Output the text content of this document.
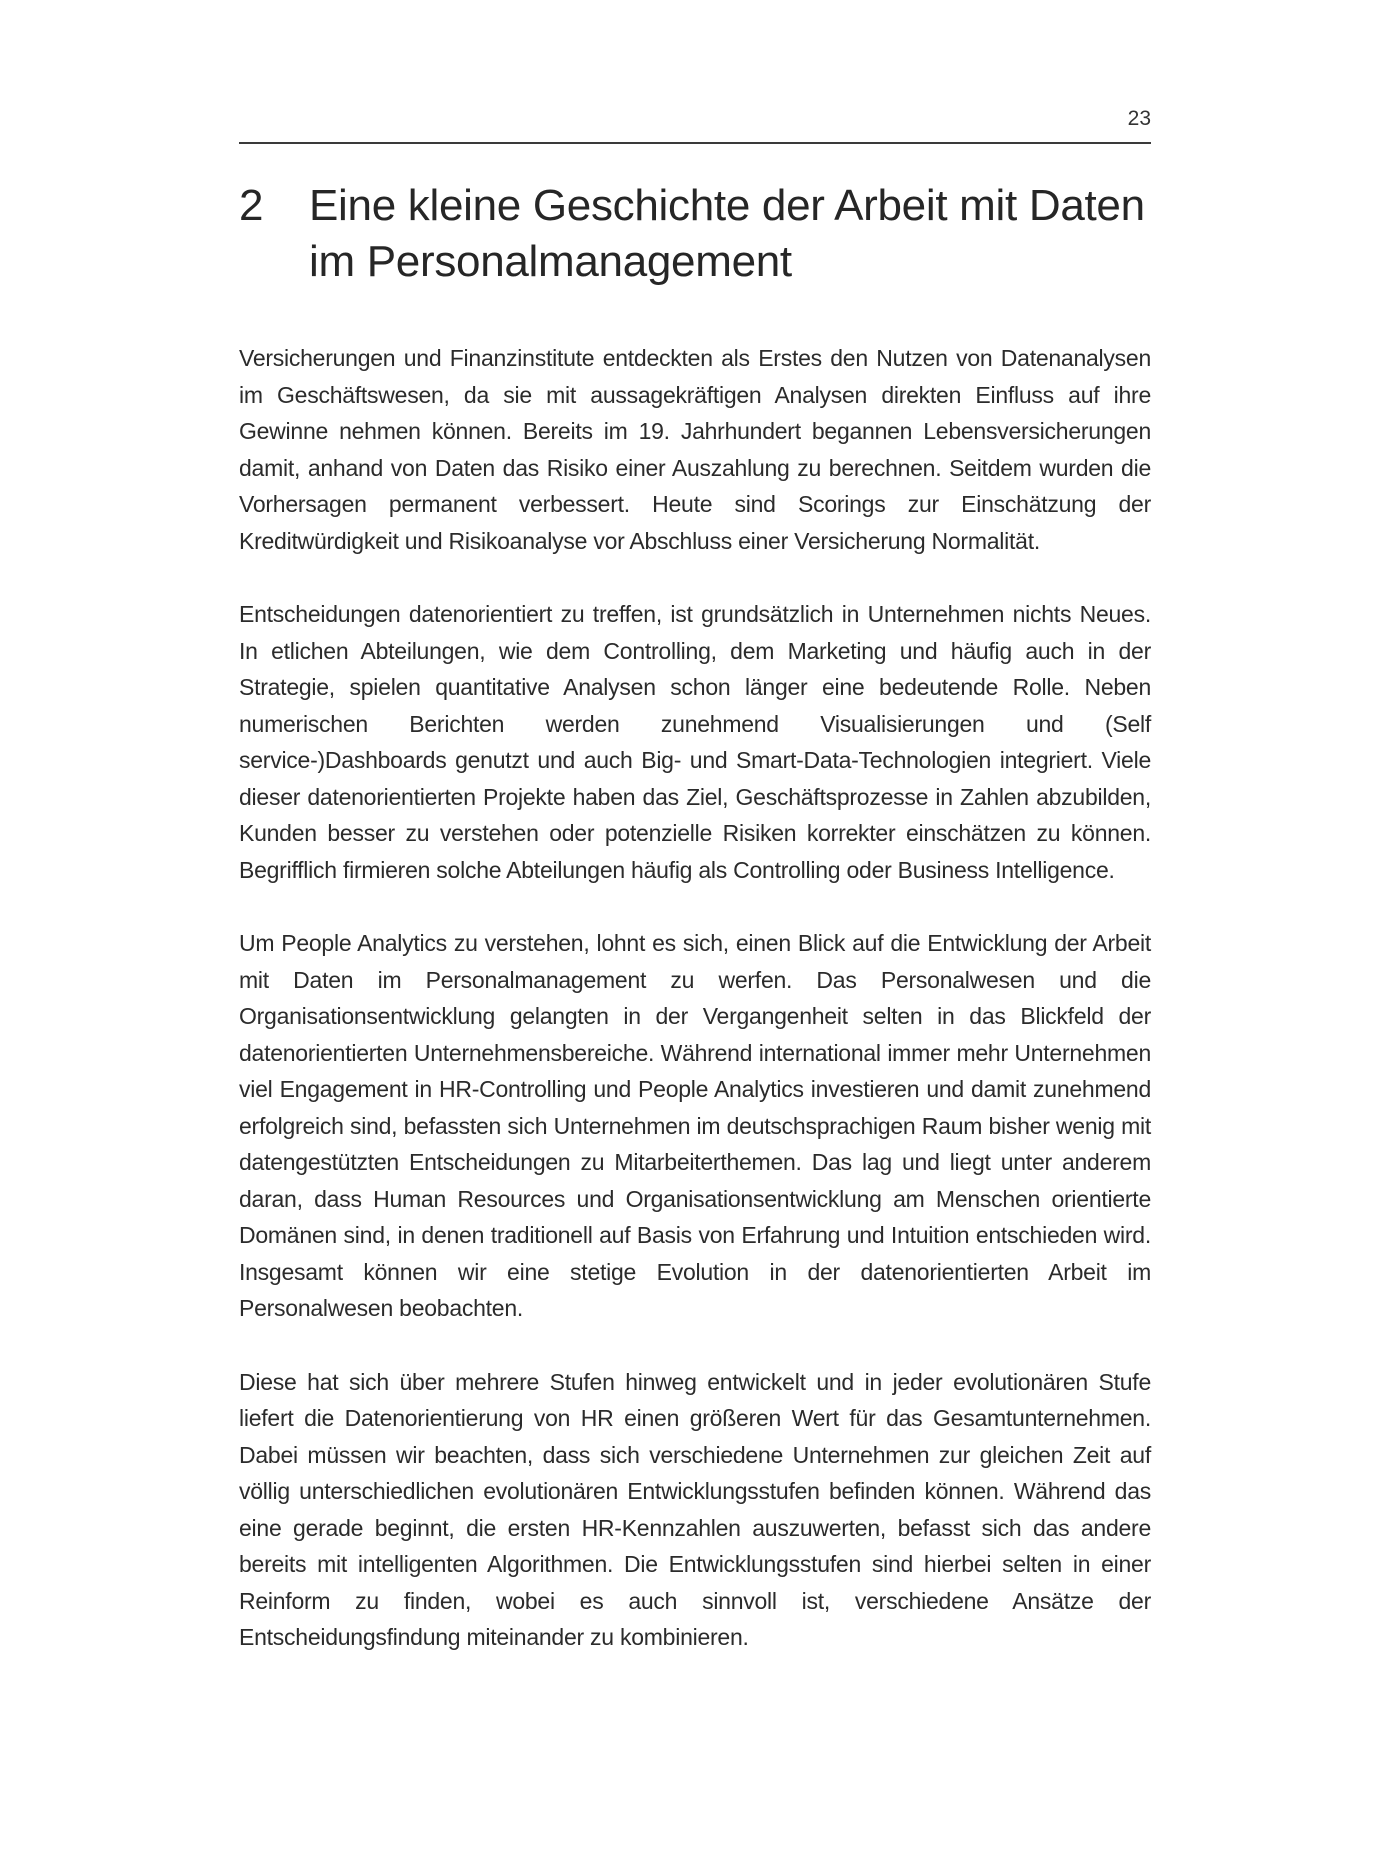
23
2 Eine kleine Geschichte der Arbeit mit Daten im Personalmanagement

Versicherungen und Finanzinstitute entdeckten als Erstes den Nutzen von Datenanalysen im Geschäftswesen, da sie mit aussagekräftigen Analysen direkten Einfluss auf ihre Gewinne nehmen können. Bereits im 19. Jahrhundert begannen Lebensversicherungen damit, anhand von Daten das Risiko einer Auszahlung zu berechnen. Seitdem wurden die Vorhersagen permanent verbessert. Heute sind Scorings zur Einschätzung der Kreditwürdigkeit und Risikoanalyse vor Abschluss einer Versicherung Normalität.

Entscheidungen datenorientiert zu treffen, ist grundsätzlich in Unternehmen nichts Neues. In etlichen Abteilungen, wie dem Controlling, dem Marketing und häufig auch in der Strategie, spielen quantitative Analysen schon länger eine bedeutende Rolle. Neben numerischen Berichten werden zunehmend Visualisierungen und (Self service-)Dashboards genutzt und auch Big- und Smart-Data-Technologien integriert. Viele dieser datenorientierten Projekte haben das Ziel, Geschäftsprozesse in Zahlen abzubilden, Kunden besser zu verstehen oder potenzielle Risiken korrekter einschätzen zu können. Begrifflich firmieren solche Abteilungen häufig als Controlling oder Business Intelligence.

Um People Analytics zu verstehen, lohnt es sich, einen Blick auf die Entwicklung der Arbeit mit Daten im Personalmanagement zu werfen. Das Personalwesen und die Organisationsentwicklung gelangten in der Vergangenheit selten in das Blickfeld der datenorientierten Unternehmensbereiche. Während international immer mehr Unternehmen viel Engagement in HR-Controlling und People Analytics investieren und damit zunehmend erfolgreich sind, befassten sich Unternehmen im deutschsprachigen Raum bisher wenig mit datengestützten Entscheidungen zu Mitarbeiterthemen. Das lag und liegt unter anderem daran, dass Human Resources und Organisationsentwicklung am Menschen orientierte Domänen sind, in denen traditionell auf Basis von Erfahrung und Intuition entschieden wird. Insgesamt können wir eine stetige Evolution in der datenorientierten Arbeit im Personalwesen beobachten.

Diese hat sich über mehrere Stufen hinweg entwickelt und in jeder evolutionären Stufe liefert die Datenorientierung von HR einen größeren Wert für das Gesamtunternehmen. Dabei müssen wir beachten, dass sich verschiedene Unternehmen zur gleichen Zeit auf völlig unterschiedlichen evolutionären Entwicklungsstufen befinden können. Während das eine gerade beginnt, die ersten HR-Kennzahlen auszuwerten, befasst sich das andere bereits mit intelligenten Algorithmen. Die Entwicklungsstufen sind hierbei selten in einer Reinform zu finden, wobei es auch sinnvoll ist, verschiedene Ansätze der Entscheidungsfindung miteinander zu kombinieren.
